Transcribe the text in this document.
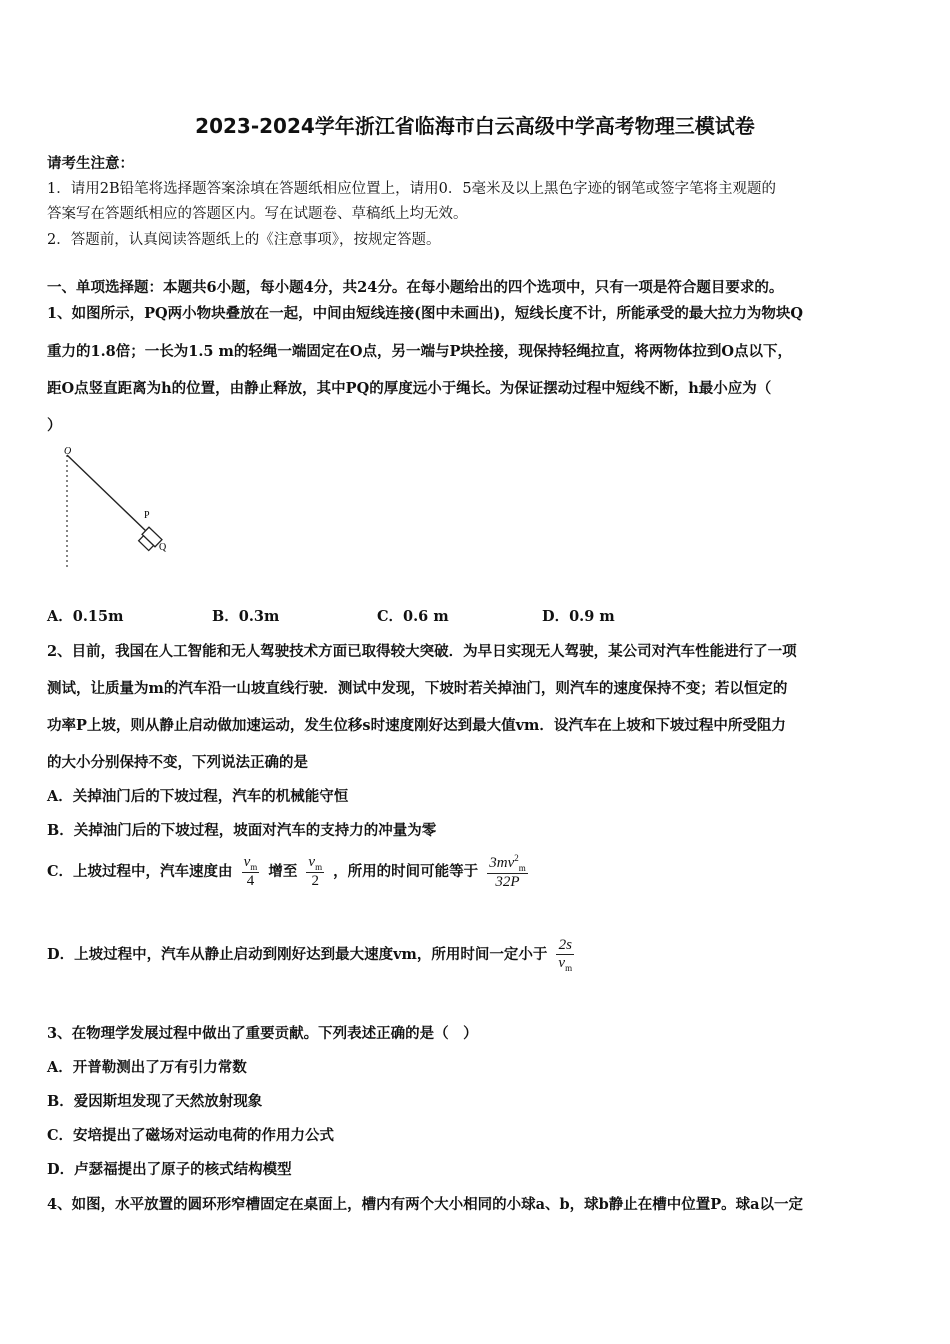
2023-2024学年浙江省临海市白云高级中学高考物理三模试卷
请考生注意：
1．请用2B铅笔将选择题答案涂填在答题纸相应位置上，请用0．5毫米及以上黑色字迹的钢笔或签字笔将主观题的
答案写在答题纸相应的答题区内。写在试题卷、草稿纸上均无效。
2．答题前，认真阅读答题纸上的《注意事项》，按规定答题。
一、单项选择题：本题共6小题，每小题4分，共24分。在每小题给出的四个选项中，只有一项是符合题目要求的。
1、如图所示，PQ两小物块叠放在一起，中间由短线连接(图中未画出)，短线长度不计，所能承受的最大拉力为物块Q
重力的1.8倍；一长为1.5 m的轻绳一端固定在O点，另一端与P块拴接，现保持轻绳拉直，将两物体拉到O点以下，
距O点竖直距离为h的位置，由静止释放，其中PQ的厚度远小于绳长。为保证摆动过程中短线不断，h最小应为（
）
O
P
Q
A．0.15m	B．0.3m	C．0.6 m	D．0.9 m
2、目前，我国在人工智能和无人驾驶技术方面已取得较大突破．为早日实现无人驾驶，某公司对汽车性能进行了一项
测试，让质量为m的汽车沿一山坡直线行驶．测试中发现，下坡时若关掉油门，则汽车的速度保持不变；若以恒定的
功率P上坡，则从静止启动做加速运动，发生位移s时速度刚好达到最大值vm．设汽车在上坡和下坡过程中所受阻力
的大小分别保持不变，下列说法正确的是
A．关掉油门后的下坡过程，汽车的机械能守恒
B．关掉油门后的下坡过程，坡面对汽车的支持力的冲量为零
C．上坡过程中，汽车速度由 $\frac{v_m}{4}$ 增至 $\frac{v_m}{2}$ ，所用的时间可能等于 $\frac{3mv^2_m}{32P}$
D．上坡过程中，汽车从静止启动到刚好达到最大速度vm，所用时间一定小于 $\frac{2s}{v_m}$
3、在物理学发展过程中做出了重要贡献。下列表述正确的是（　）
A．开普勒测出了万有引力常数
B．爱因斯坦发现了天然放射现象
C．安培提出了磁场对运动电荷的作用力公式
D．卢瑟福提出了原子的核式结构模型
4、如图，水平放置的圆环形窄槽固定在桌面上，槽内有两个大小相同的小球a、b，球b静止在槽中位置P。球a以一定
